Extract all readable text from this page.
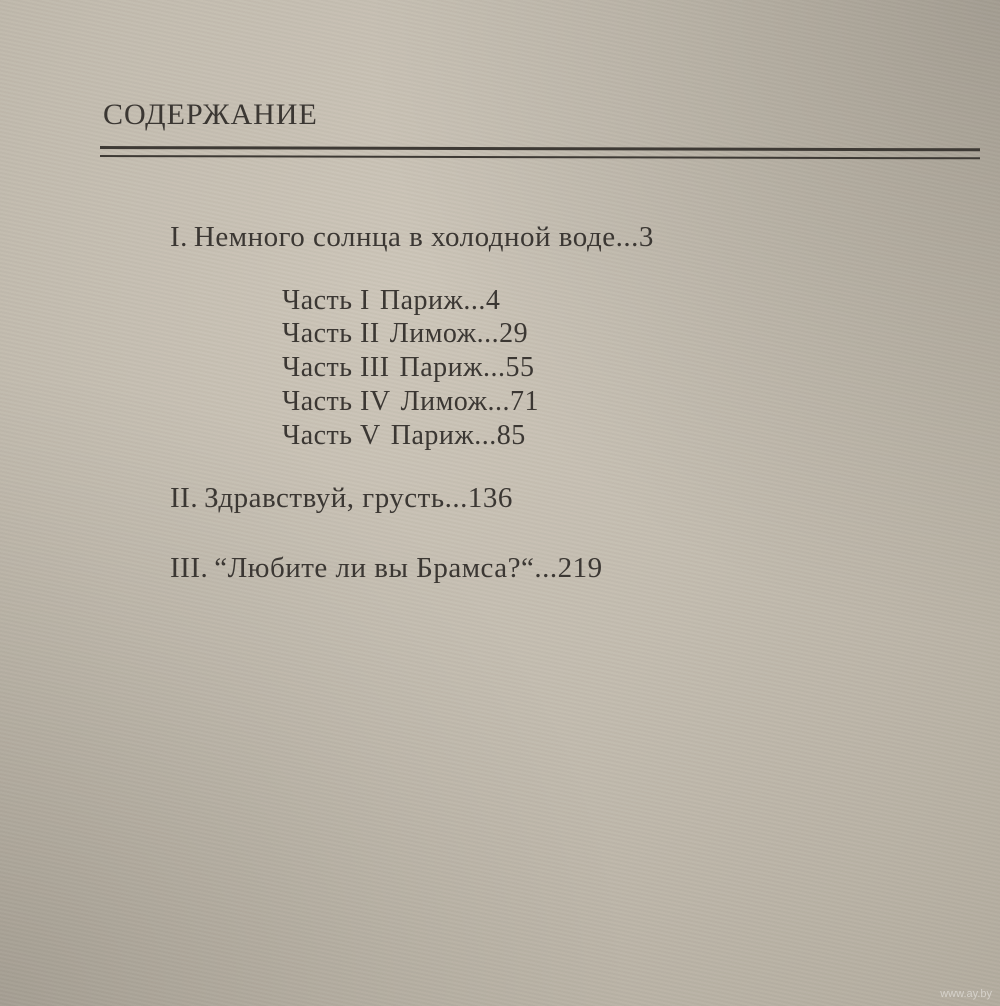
СОДЕРЖАНИЕ
I. Немного солнца в холодной воде...3
Часть I Париж...4
Часть II Лимож...29
Часть III Париж...55
Часть IV Лимож...71
Часть V Париж...85
II. Здравствуй, грусть...136
III. “Любите ли вы Брамса?“...219
www.ay.by
